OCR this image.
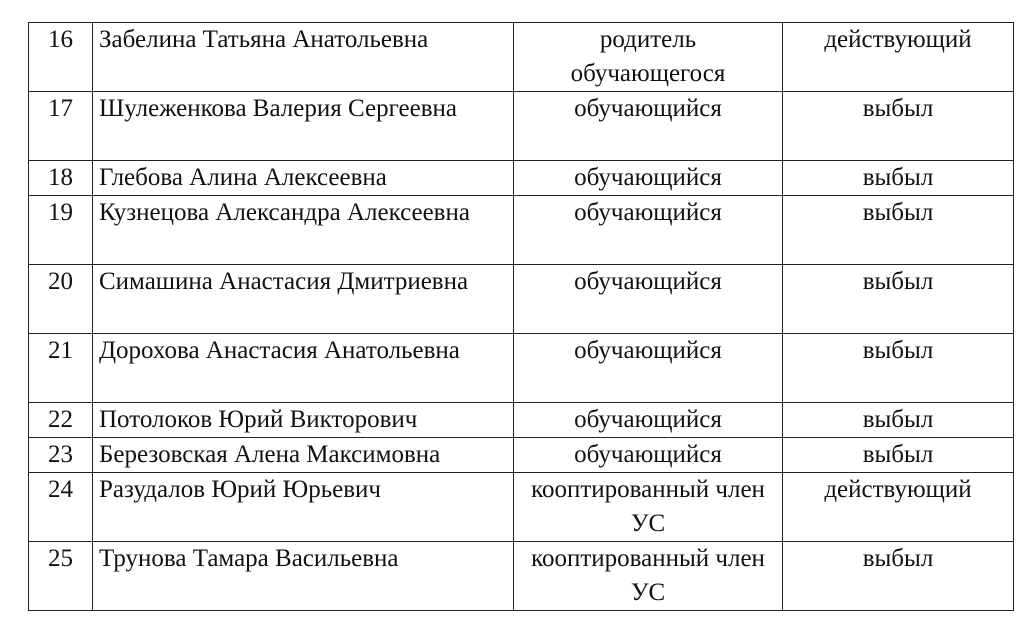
16	Забелина Татьяна Анатольевна	родитель обучающегося	действующий
17	Шулеженкова Валерия Сергеевна	обучающийся	выбыл
18	Глебова Алина Алексеевна	обучающийся	выбыл
19	Кузнецова Александра Алексеевна	обучающийся	выбыл
20	Симашина Анастасия Дмитриевна	обучающийся	выбыл
21	Дорохова Анастасия Анатольевна	обучающийся	выбыл
22	Потолоков Юрий Викторович	обучающийся	выбыл
23	Березовская Алена Максимовна	обучающийся	выбыл
24	Разудалов Юрий Юрьевич	кооптированный член УС	действующий
25	Трунова Тамара Васильевна	кооптированный член УС	выбыл
